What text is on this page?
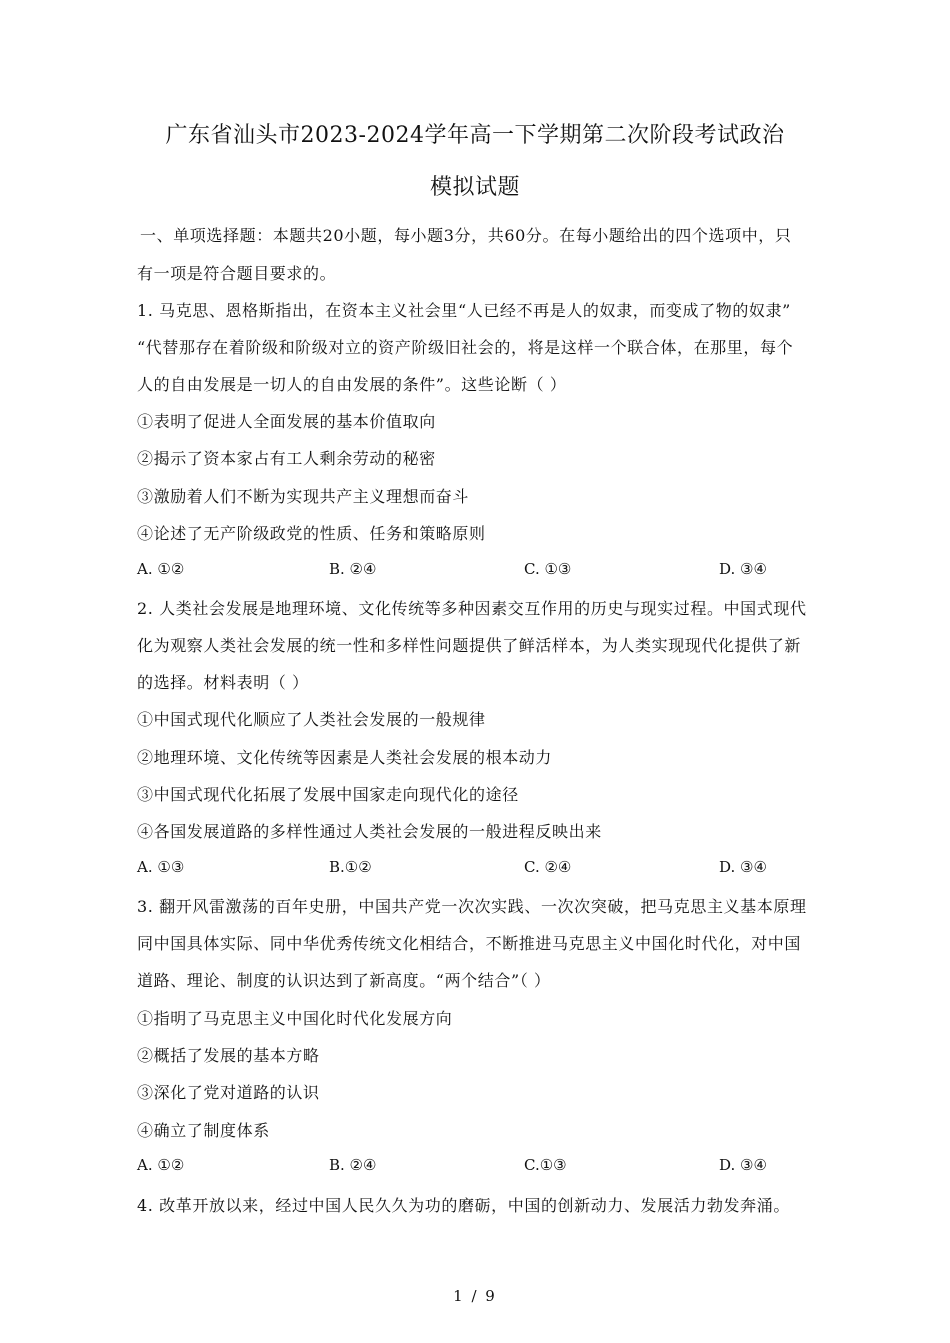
广东省汕头市2023-2024学年高一下学期第二次阶段考试政治
模拟试题
一、单项选择题：本题共20小题，每小题3分，共60分。在每小题给出的四个选项中，只
有一项是符合题目要求的。
1. 马克思、恩格斯指出，在资本主义社会里“人已经不再是人的奴隶，而变成了物的奴隶”
“代替那存在着阶级和阶级对立的资产阶级旧社会的，将是这样一个联合体，在那里，每个
人的自由发展是一切人的自由发展的条件”。这些论断（ ）
①表明了促进人全面发展的基本价值取向
②揭示了资本家占有工人剩余劳动的秘密
③激励着人们不断为实现共产主义理想而奋斗
④论述了无产阶级政党的性质、任务和策略原则
A. ①②	B. ②④	C. ①③	D. ③④
2. 人类社会发展是地理环境、文化传统等多种因素交互作用的历史与现实过程。中国式现代
化为观察人类社会发展的统一性和多样性问题提供了鲜活样本，为人类实现现代化提供了新
的选择。材料表明（ ）
①中国式现代化顺应了人类社会发展的一般规律
②地理环境、文化传统等因素是人类社会发展的根本动力
③中国式现代化拓展了发展中国家走向现代化的途径
④各国发展道路的多样性通过人类社会发展的一般进程反映出来
A. ①③	B.①②	C. ②④	D. ③④
3. 翻开风雷激荡的百年史册，中国共产党一次次实践、一次次突破，把马克思主义基本原理
同中国具体实际、同中华优秀传统文化相结合，不断推进马克思主义中国化时代化，对中国
道路、理论、制度的认识达到了新高度。“两个结合”（ ）
①指明了马克思主义中国化时代化发展方向
②概括了发展的基本方略
③深化了党对道路的认识
④确立了制度体系
A. ①②	B. ②④	C.①③	D. ③④
4. 改革开放以来，经过中国人民久久为功的磨砺，中国的创新动力、发展活力勃发奔涌。
1 / 9
